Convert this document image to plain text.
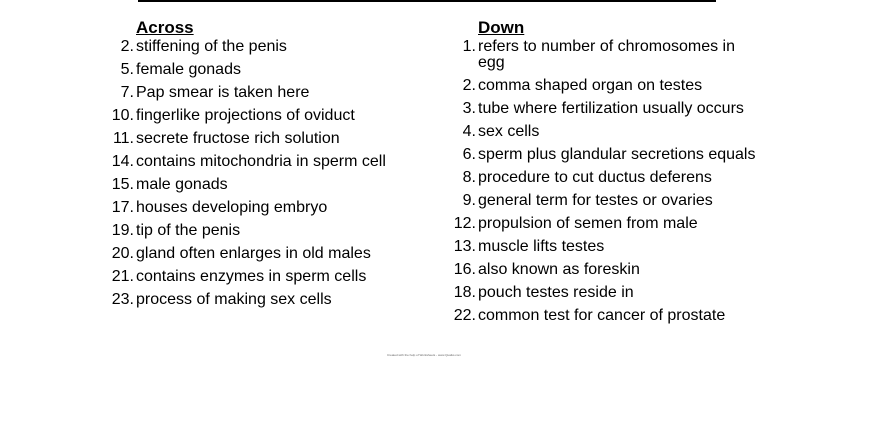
Across
2. stiffening of the penis
5. female gonads
7. Pap smear is taken here
10. fingerlike projections of oviduct
11. secrete fructose rich solution
14. contains mitochondria in sperm cell
15. male gonads
17. houses developing embryo
19. tip of the penis
20. gland often enlarges in old males
21. contains enzymes in sperm cells
23. process of making sex cells
Down
1. refers to number of chromosomes in egg
2. comma shaped organ on testes
3. tube where fertilization usually occurs
4. sex cells
6. sperm plus glandular secretions equals
8. procedure to cut ductus deferens
9. general term for testes or ovaries
12. propulsion of semen from male
13. muscle lifts testes
16. also known as foreskin
18. pouch testes reside in
22. common test for cancer of prostate
Created with the help of Worksheets - www.Quaiks.com
